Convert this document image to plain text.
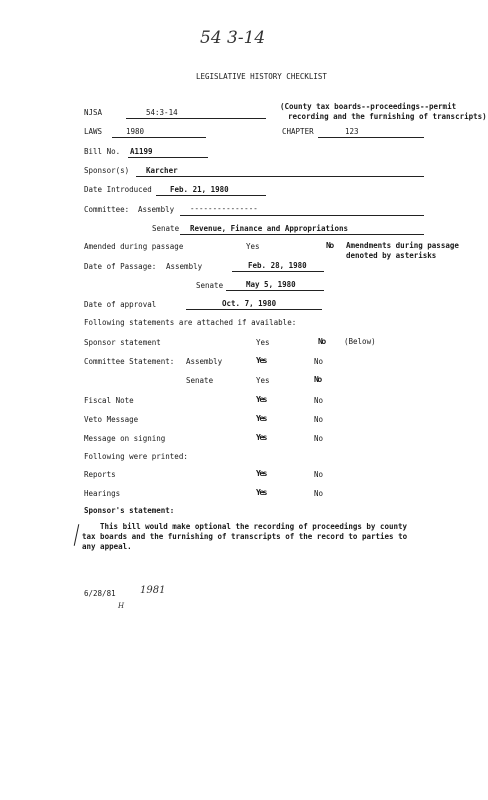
54 3-14
LEGISLATIVE HISTORY CHECKLIST
NJSA	54:3-14
(County tax boards--proceedings--permit
recording and the furnishing of transcripts)
LAWS	1980	CHAPTER	123
Bill No. A1199
Sponsor(s) Karcher
Date Introduced Feb. 21, 1980
Committee: Assembly ---------------
Senate Revenue, Finance and Appropriations
Amended during passage	Yes	No Amendments during passage
denoted by asterisks
Date of Passage: Assembly	Feb. 28, 1980
Senate	May 5, 1980
Date of approval	Oct. 7, 1980
Following statements are attached if available:
Sponsor statement	Yes	No	(Below)
Committee Statement: Assembly	Yes	No
Senate	Yes	No
Fiscal Note	Yes	No
Veto Message	Yes	No
Message on signing	Yes	No
Following were printed:
Reports	Yes	No
Hearings	Yes	No
Sponsor's statement:
This bill would make optional the recording of proceedings by county
tax boards and the furnishing of transcripts of the record to parties to
any appeal.
6/28/81 1981
H
